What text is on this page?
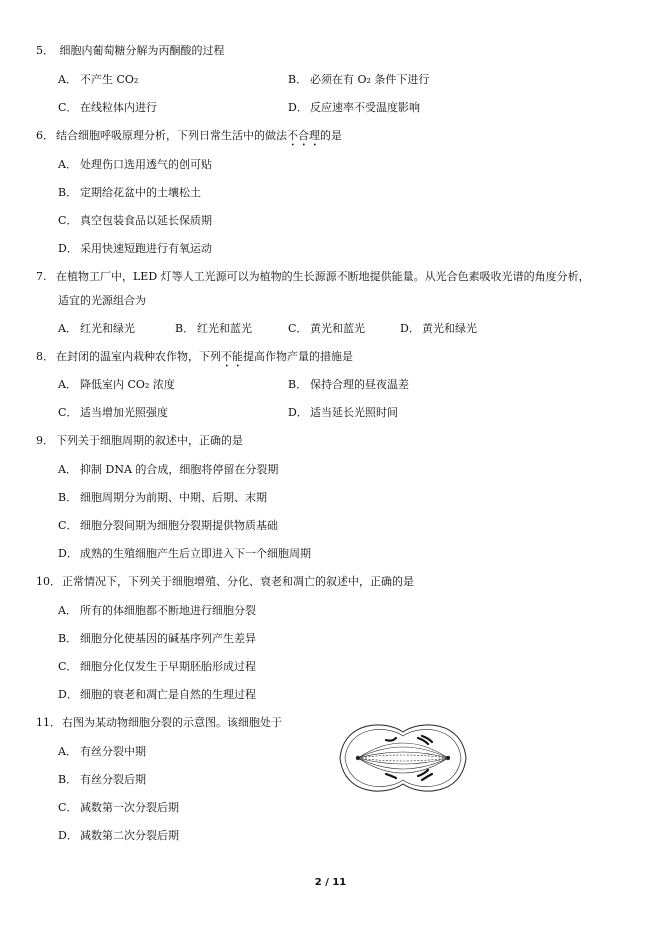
5． 细胞内葡萄糖分解为丙酮酸的过程
A． 不产生 CO₂	B． 必须在有 O₂ 条件下进行
C． 在线粒体内进行	D． 反应速率不受温度影响
6． 结合细胞呼吸原理分析，下列日常生活中的做法不合理的是
A． 处理伤口选用透气的创可贴
B． 定期给花盆中的土壤松土
C． 真空包装食品以延长保质期
D． 采用快速短跑进行有氧运动
7. 在植物工厂中，LED 灯等人工光源可以为植物的生长源源不断地提供能量。从光合色素吸收光谱的角度分析，
适宜的光源组合为
A． 红光和绿光	B． 红光和蓝光	C． 黄光和蓝光	D． 黄光和绿光
8． 在封闭的温室内栽种农作物，下列不能提高作物产量的措施是
A． 降低室内 CO₂ 浓度	B． 保持合理的昼夜温差
C． 适当增加光照强度	D． 适当延长光照时间
9． 下列关于细胞周期的叙述中，正确的是
A． 抑制 DNA 的合成，细胞将停留在分裂期
B． 细胞周期分为前期、中期、后期、末期
C． 细胞分裂间期为细胞分裂期提供物质基础
D． 成熟的生殖细胞产生后立即进入下一个细胞周期
10．正常情况下，下列关于细胞增殖、分化、衰老和凋亡的叙述中，正确的是
A． 所有的体细胞都不断地进行细胞分裂
B． 细胞分化使基因的碱基序列产生差异
C． 细胞分化仅发生于早期胚胎形成过程
D． 细胞的衰老和凋亡是自然的生理过程
11．右图为某动物细胞分裂的示意图。该细胞处于
A． 有丝分裂中期
B． 有丝分裂后期
C． 减数第一次分裂后期
D． 减数第二次分裂后期
2 / 11
